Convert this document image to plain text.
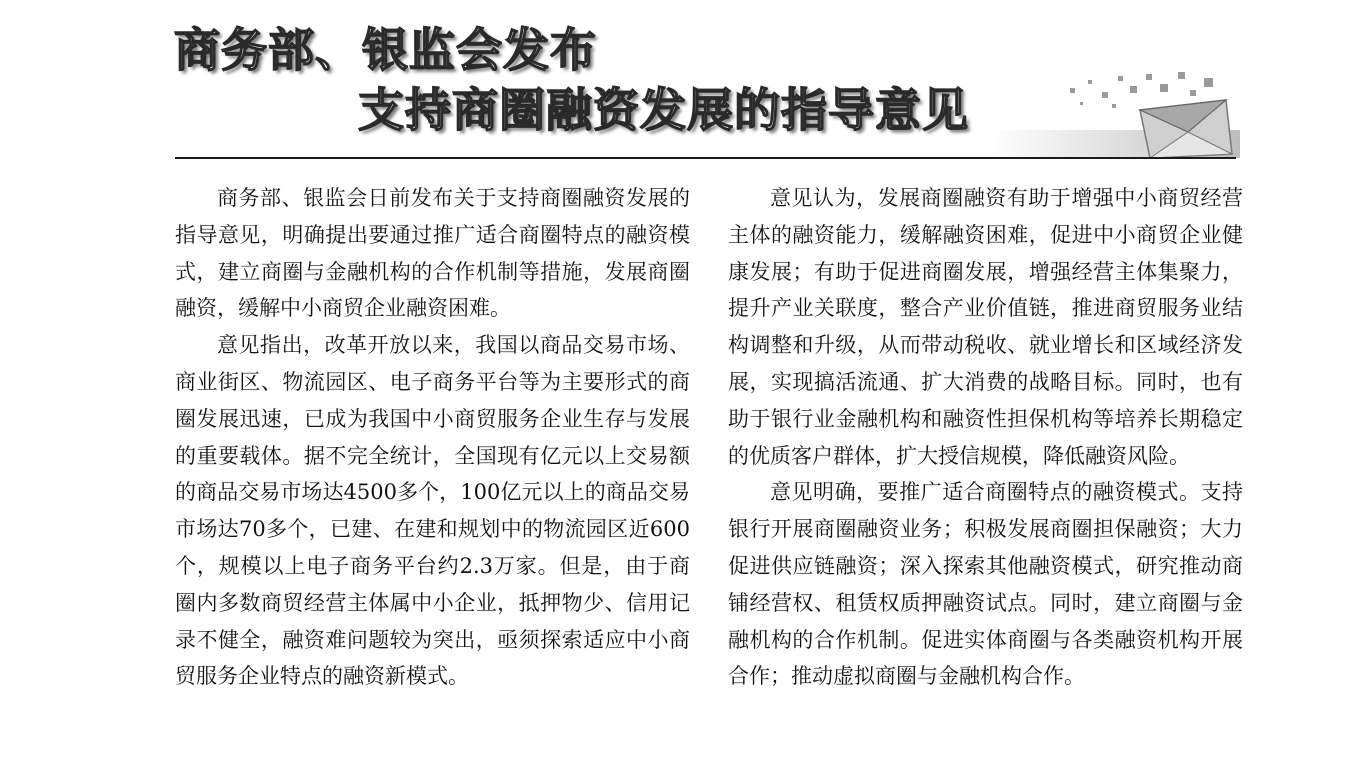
商务部、银监会发布
支持商圈融资发展的指导意见

商务部、银监会日前发布关于支持商圈融资发展的指导意见，明确提出要通过推广适合商圈特点的融资模式，建立商圈与金融机构的合作机制等措施，发展商圈融资，缓解中小商贸企业融资困难。

意见指出，改革开放以来，我国以商品交易市场、商业街区、物流园区、电子商务平台等为主要形式的商圈发展迅速，已成为我国中小商贸服务企业生存与发展的重要载体。据不完全统计，全国现有亿元以上交易额的商品交易市场达4500多个，100亿元以上的商品交易市场达70多个，已建、在建和规划中的物流园区近600个，规模以上电子商务平台约2.3万家。但是，由于商圈内多数商贸经营主体属中小企业，抵押物少、信用记录不健全，融资难问题较为突出，亟须探索适应中小商贸服务企业特点的融资新模式。

意见认为，发展商圈融资有助于增强中小商贸经营主体的融资能力，缓解融资困难，促进中小商贸企业健康发展；有助于促进商圈发展，增强经营主体集聚力，提升产业关联度，整合产业价值链，推进商贸服务业结构调整和升级，从而带动税收、就业增长和区域经济发展，实现搞活流通、扩大消费的战略目标。同时，也有助于银行业金融机构和融资性担保机构等培养长期稳定的优质客户群体，扩大授信规模，降低融资风险。

意见明确，要推广适合商圈特点的融资模式。支持银行开展商圈融资业务；积极发展商圈担保融资；大力促进供应链融资；深入探索其他融资模式，研究推动商铺经营权、租赁权质押融资试点。同时，建立商圈与金融机构的合作机制。促进实体商圈与各类融资机构开展合作；推动虚拟商圈与金融机构合作。
